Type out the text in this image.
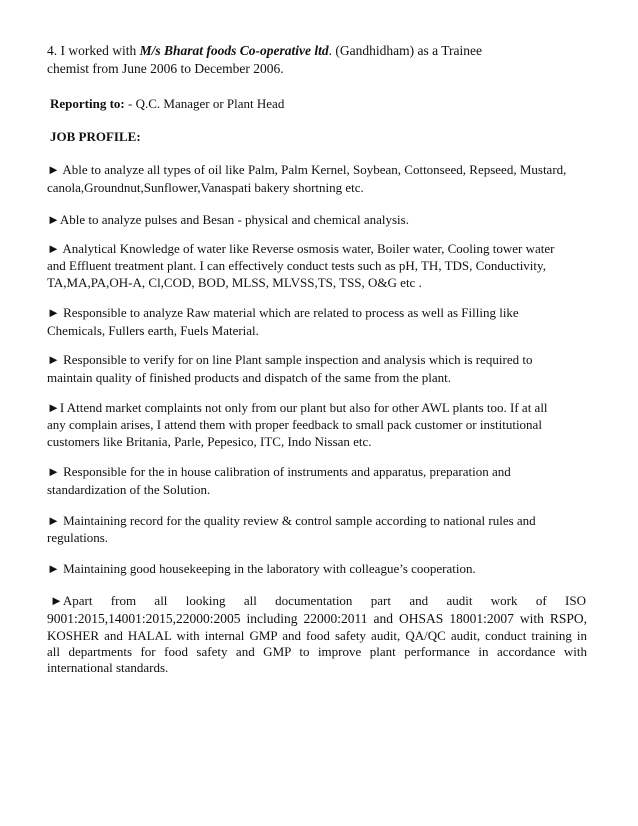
4. I worked with M/s Bharat foods Co-operative ltd. (Gandhidham) as a Trainee
chemist from June 2006 to December 2006.
Reporting to: - Q.C. Manager or Plant Head
JOB PROFILE:
► Able to analyze all types of oil like Palm, Palm Kernel, Soybean, Cottonseed, Repseed, Mustard,
canola,Groundnut,Sunflower,Vanaspati bakery shortning etc.
►Able to analyze pulses and Besan - physical and chemical analysis.
► Analytical Knowledge of water like Reverse osmosis water, Boiler water, Cooling tower water
and Effluent treatment plant. I can effectively conduct tests such as pH, TH, TDS, Conductivity,
TA,MA,PA,OH-A, Cl,COD, BOD, MLSS, MLVSS,TS, TSS, O&G etc .
► Responsible to analyze Raw material which are related to process as well as Filling like
Chemicals, Fullers earth, Fuels Material.
► Responsible to verify for on line Plant sample inspection and analysis which is required to
maintain quality of finished products and dispatch of the same from the plant.
►I Attend market complaints not only from our plant but also for other AWL plants too. If at all
any complain arises, I attend them with proper feedback to small pack customer or institutional
customers like Britania, Parle, Pepesico, ITC, Indo Nissan etc.
► Responsible for the in house calibration of instruments and apparatus, preparation and
standardization of the Solution.
► Maintaining record for the quality review & control sample according to national rules and
regulations.
► Maintaining good housekeeping in the laboratory with colleague’s cooperation.
►Apart from all looking all documentation part and audit work of ISO
9001:2015,14001:2015,22000:2005 including 22000:2011 and OHSAS 18001:2007 with RSPO,
KOSHER and HALAL with internal GMP and food safety audit, QA/QC audit, conduct training in
all departments for food safety and GMP to improve plant performance in accordance with
international standards.
